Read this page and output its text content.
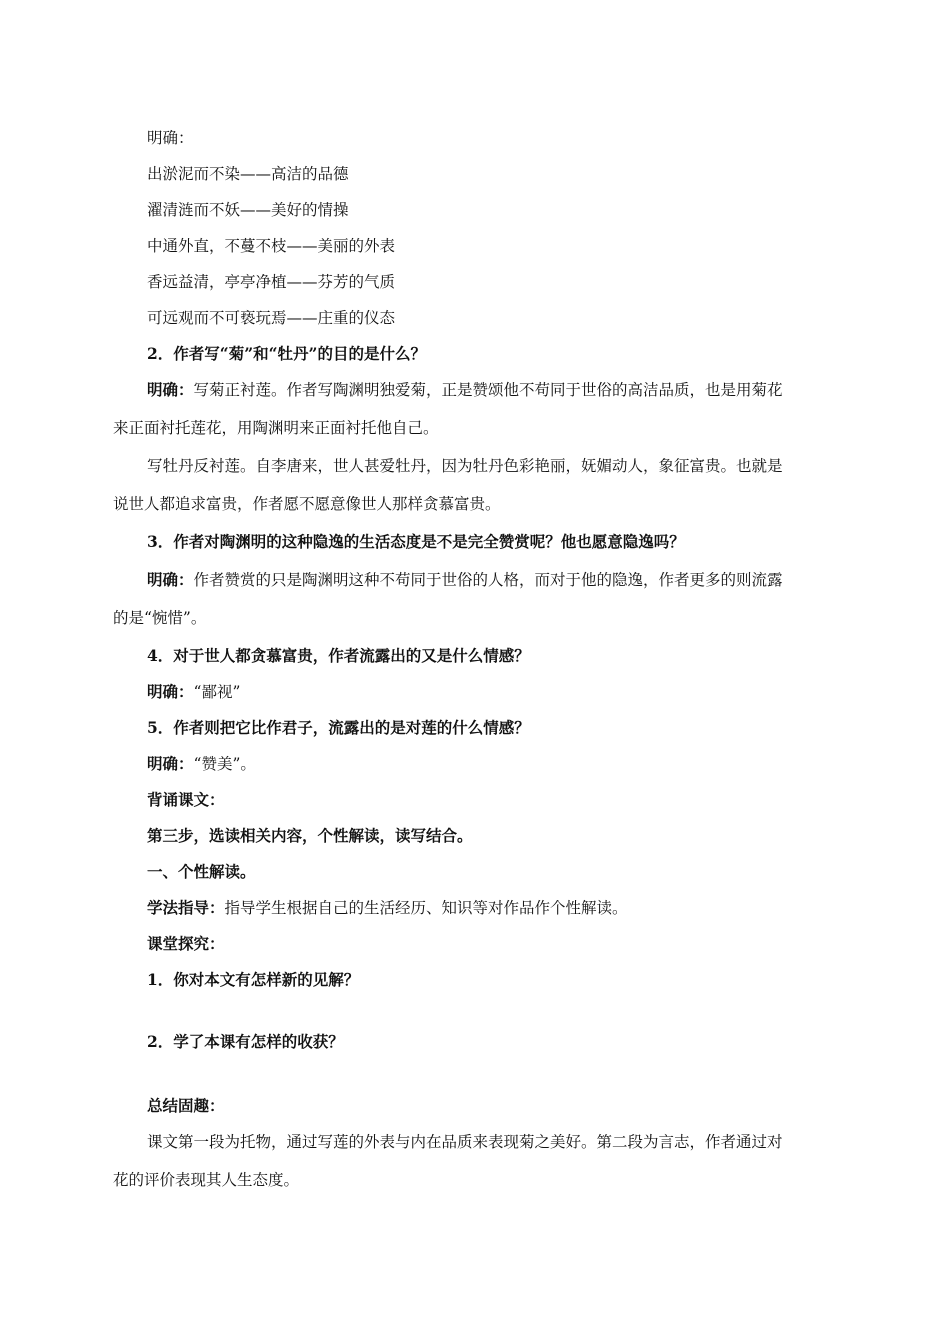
明确：
出淤泥而不染——高洁的品德
濯清涟而不妖——美好的情操
中通外直，不蔓不枝——美丽的外表
香远益清，亭亭净植——芬芳的气质
可远观而不可亵玩焉——庄重的仪态
2．作者写“菊”和“牡丹”的目的是什么？
明确：写菊正衬莲。作者写陶渊明独爱菊，正是赞颂他不苟同于世俗的高洁品质，也是用菊花
来正面衬托莲花，用陶渊明来正面衬托他自己。
写牡丹反衬莲。自李唐来，世人甚爱牡丹，因为牡丹色彩艳丽，妩媚动人，象征富贵。也就是
说世人都追求富贵，作者愿不愿意像世人那样贪慕富贵。
3．作者对陶渊明的这种隐逸的生活态度是不是完全赞赏呢？他也愿意隐逸吗？
明确：作者赞赏的只是陶渊明这种不苟同于世俗的人格，而对于他的隐逸，作者更多的则流露
的是“惋惜”。
4．对于世人都贪慕富贵，作者流露出的又是什么情感？
明确：“鄙视”
5．作者则把它比作君子，流露出的是对莲的什么情感？
明确：“赞美”。
背诵课文：
第三步，选读相关内容，个性解读，读写结合。
一、个性解读。
学法指导：指导学生根据自己的生活经历、知识等对作品作个性解读。
课堂探究：
1．你对本文有怎样新的见解？
2．学了本课有怎样的收获？
总结固趣：
课文第一段为托物，通过写莲的外表与内在品质来表现菊之美好。第二段为言志，作者通过对
花的评价表现其人生态度。
